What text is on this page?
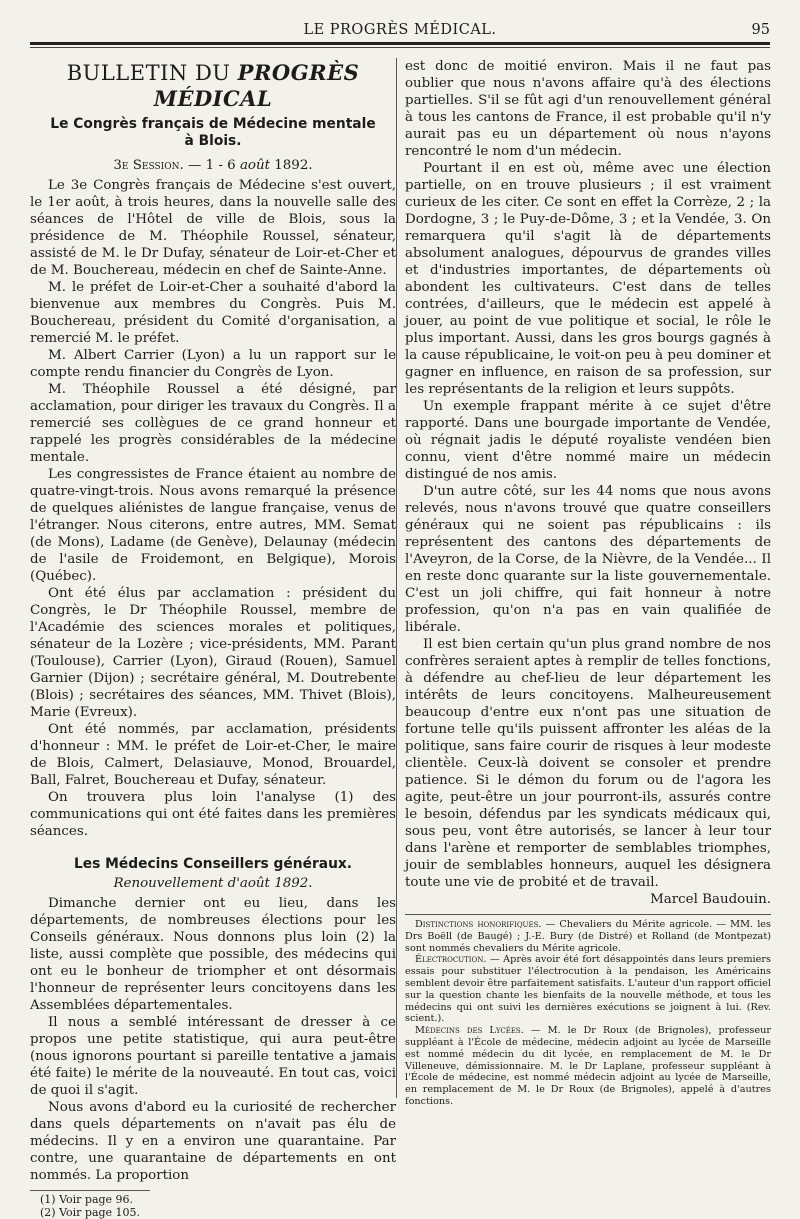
LE PROGRÈS MÉDICAL.	95
BULLETIN DU PROGRÈS MÉDICAL
Le Congrès français de Médecine mentale
à Blois.
3e Session. — 1 - 6 août 1892.

Le 3e Congrès français de Médecine s'est ouvert, le 1er août, à trois heures, dans la nouvelle salle des séances de l'Hôtel de ville de Blois, sous la présidence de M. Théophile Roussel, sénateur, assisté de M. le Dr Dufay, sénateur de Loir-et-Cher et de M. Bouchereau, médecin en chef de Sainte-Anne.

M. le préfet de Loir-et-Cher a souhaité d'abord la bienvenue aux membres du Congrès. Puis M. Bouchereau, président du Comité d'organisation, a remercié M. le préfet.

M. Albert Carrier (Lyon) a lu un rapport sur le compte rendu financier du Congrès de Lyon.

M. Théophile Roussel a été désigné, par acclamation, pour diriger les travaux du Congrès. Il a remercié ses collègues de ce grand honneur et rappelé les progrès considérables de la médecine mentale.

Les congressistes de France étaient au nombre de quatre-vingt-trois. Nous avons remarqué la présence de quelques aliénistes de langue française, venus de l'étranger. Nous citerons, entre autres, MM. Semat (de Mons), Ladame (de Genève), Delaunay (médecin de l'asile de Froidemont, en Belgique), Morois (Québec).

Ont été élus par acclamation : président du Congrès, le Dr Théophile Roussel, membre de l'Académie des sciences morales et politiques, sénateur de la Lozère ; vice-présidents, MM. Parant (Toulouse), Carrier (Lyon), Giraud (Rouen), Samuel Garnier (Dijon) ; secrétaire général, M. Doutrebente (Blois) ; secrétaires des séances, MM. Thivet (Blois), Marie (Evreux).

Ont été nommés, par acclamation, présidents d'honneur : MM. le préfet de Loir-et-Cher, le maire de Blois, Calmert, Delasiauve, Monod, Brouardel, Ball, Falret, Bouchereau et Dufay, sénateur.

On trouvera plus loin l'analyse (1) des communications qui ont été faites dans les premières séances.

Les Médecins Conseillers généraux.
Renouvellement d'août 1892.

Dimanche dernier ont eu lieu, dans les départements, de nombreuses élections pour les Conseils généraux. Nous donnons plus loin (2) la liste, aussi complète que possible, des médecins qui ont eu le bonheur de triompher et ont désormais l'honneur de représenter leurs concitoyens dans les Assemblées départementales.

Il nous a semblé intéressant de dresser à ce propos une petite statistique, qui aura peut-être (nous ignorons pourtant si pareille tentative a jamais été faite) le mérite de la nouveauté. En tout cas, voici de quoi il s'agit.

Nous avons d'abord eu la curiosité de rechercher dans quels départements on n'avait pas élu de médecins. Il y en a environ une quarantaine. Par contre, une quarantaine de départements en ont nommés. La proportion

(1) Voir page 96.

(2) Voir page 105.

est donc de moitié environ. Mais il ne faut pas oublier que nous n'avons affaire qu'à des élections partielles. S'il se fût agi d'un renouvellement général à tous les cantons de France, il est probable qu'il n'y aurait pas eu un département où nous n'ayons rencontré le nom d'un médecin.

Pourtant il en est où, même avec une élection partielle, on en trouve plusieurs ; il est vraiment curieux de les citer. Ce sont en effet la Corrèze, 2 ; la Dordogne, 3 ; le Puy-de-Dôme, 3 ; et la Vendée, 3. On remarquera qu'il s'agit là de départements absolument analogues, dépourvus de grandes villes et d'industries importantes, de départements où abondent les cultivateurs. C'est dans de telles contrées, d'ailleurs, que le médecin est appelé à jouer, au point de vue politique et social, le rôle le plus important. Aussi, dans les gros bourgs gagnés à la cause républicaine, le voit-on peu à peu dominer et gagner en influence, en raison de sa profession, sur les représentants de la religion et leurs suppôts.

Un exemple frappant mérite à ce sujet d'être rapporté. Dans une bourgade importante de Vendée, où régnait jadis le député royaliste vendéen bien connu, vient d'être nommé maire un médecin distingué de nos amis.

D'un autre côté, sur les 44 noms que nous avons relevés, nous n'avons trouvé que quatre conseillers généraux qui ne soient pas républicains : ils représentent des cantons des départements de l'Aveyron, de la Corse, de la Nièvre, de la Vendée... Il en reste donc quarante sur la liste gouvernementale. C'est un joli chiffre, qui fait honneur à notre profession, qu'on n'a pas en vain qualifiée de libérale.

Il est bien certain qu'un plus grand nombre de nos confrères seraient aptes à remplir de telles fonctions, à défendre au chef-lieu de leur département les intérêts de leurs concitoyens. Malheureusement beaucoup d'entre eux n'ont pas une situation de fortune telle qu'ils puissent affronter les aléas de la politique, sans faire courir de risques à leur modeste clientèle. Ceux-là doivent se consoler et prendre patience. Si le démon du forum ou de l'agora les agite, peut-être un jour pourront-ils, assurés contre le besoin, défendus par les syndicats médicaux qui, sous peu, vont être autorisés, se lancer à leur tour dans l'arène et remporter de semblables triomphes, jouir de semblables honneurs, auquel les désignera toute une vie de probité et de travail.

Marcel Baudouin.

Distinctions honorifiques. — Chevaliers du Mérite agricole. — MM. les Drs Boëll (de Baugé) ; J.-E. Bury (de Distré) et Rolland (de Montpezat) sont nommés chevaliers du Mérite agricole.

Électrocution. — Après avoir été fort désappointés dans leurs premiers essais pour substituer l'électrocution à la pendaison, les Américains semblent devoir être parfaitement satisfaits. L'auteur d'un rapport officiel sur la question chante les bienfaits de la nouvelle méthode, et tous les médecins qui ont suivi les dernières exécutions se joignent à lui. (Rev. scient.).

Médecins des Lycées. — M. le Dr Roux (de Brignoles), professeur suppléant à l'École de médecine, médecin adjoint au lycée de Marseille est nommé médecin du dit lycée, en remplacement de M. le Dr Villeneuve, démissionnaire. M. le Dr Laplane, professeur suppléant à l'École de médecine, est nommé médecin adjoint au lycée de Marseille, en remplacement de M. le Dr Roux (de Brignoles), appelé à d'autres fonctions.
